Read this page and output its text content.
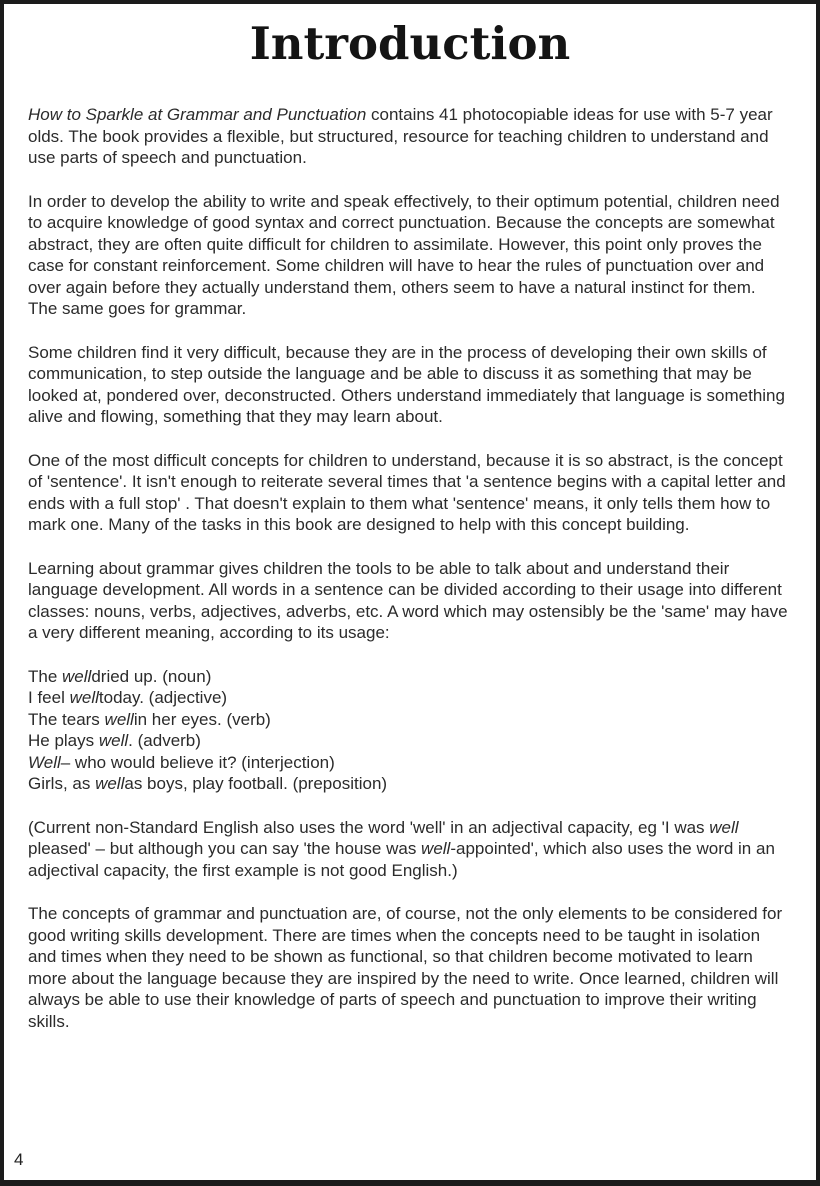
Introduction

How to Sparkle at Grammar and Punctuation contains 41 photocopiable ideas for use with 5-7 year olds. The book provides a flexible, but structured, resource for teaching children to understand and use parts of speech and punctuation.

In order to develop the ability to write and speak effectively, to their optimum potential, children need to acquire knowledge of good syntax and correct punctuation. Because the concepts are somewhat abstract, they are often quite difficult for children to assimilate. However, this point only proves the case for constant reinforcement. Some children will have to hear the rules of punctuation over and over again before they actually understand them, others seem to have a natural instinct for them. The same goes for grammar.

Some children find it very difficult, because they are in the process of developing their own skills of communication, to step outside the language and be able to discuss it as something that may be looked at, pondered over, deconstructed. Others understand immediately that language is something alive and flowing, something that they may learn about.

One of the most difficult concepts for children to understand, because it is so abstract, is the concept of 'sentence'. It isn't enough to reiterate several times that 'a sentence begins with a capital letter and ends with a full stop' . That doesn't explain to them what 'sentence' means, it only tells them how to mark one. Many of the tasks in this book are designed to help with this concept building.

Learning about grammar gives children the tools to be able to talk about and understand their language development. All words in a sentence can be divided according to their usage into different classes: nouns, verbs, adjectives, adverbs, etc. A word which may ostensibly be the 'same' may have a very different meaning, according to its usage:

The welldried up. (noun)
I feel welltoday. (adjective)
The tears wellin her eyes. (verb)
He plays well. (adverb)
Well– who would believe it? (interjection)
Girls, as wellas boys, play football. (preposition)

(Current non-Standard English also uses the word 'well' in an adjectival capacity, eg 'I was well pleased' – but although you can say 'the house was well-appointed', which also uses the word in an adjectival capacity, the first example is not good English.)

The concepts of grammar and punctuation are, of course, not the only elements to be considered for good writing skills development. There are times when the concepts need to be taught in isolation and times when they need to be shown as functional, so that children become motivated to learn more about the language because they are inspired by the need to write. Once learned, children will always be able to use their knowledge of parts of speech and punctuation to improve their writing skills.

4
